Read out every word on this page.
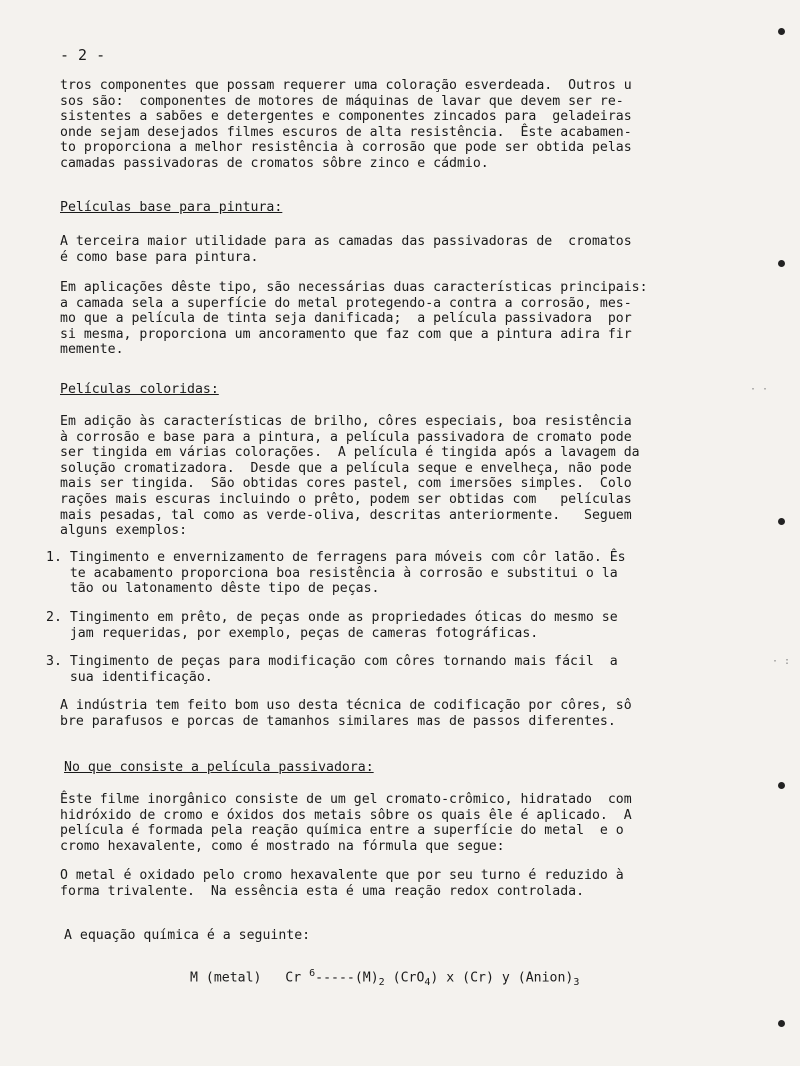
- 2 -
tros componentes que possam requerer uma coloração esverdeada.  Outros u
sos são:  componentes de motores de máquinas de lavar que devem ser re-
sistentes a sabões e detergentes e componentes zincados para  geladeiras
onde sejam desejados filmes escuros de alta resistência.  Êste acabamen-
to proporciona a melhor resistência à corrosão que pode ser obtida pelas
camadas passivadoras de cromatos sôbre zinco e cádmio.
Películas base para pintura:
A terceira maior utilidade para as camadas das passivadoras de  cromatos
é como base para pintura.
Em aplicações dêste tipo, são necessárias duas características principais:
a camada sela a superfície do metal protegendo-a contra a corrosão, mes-
mo que a película de tinta seja danificada;  a película passivadora  por
si mesma, proporciona um ancoramento que faz com que a pintura adira fir
memente.
Películas coloridas:
Em adição às características de brilho, côres especiais, boa resistência
à corrosão e base para a pintura, a película passivadora de cromato pode
ser tingida em várias colorações.  A película é tingida após a lavagem da
solução cromatizadora.  Desde que a película seque e envelheça, não pode
mais ser tingida.  São obtidas cores pastel, com imersões simples.  Colo
rações mais escuras incluindo o prêto, podem ser obtidas com   películas
mais pesadas, tal como as verde-oliva, descritas anteriormente.   Seguem
alguns exemplos:
1. Tingimento e envernizamento de ferragens para móveis com côr latão. Ês
te acabamento proporciona boa resistência à corrosão e substitui o la
tão ou latonamento dêste tipo de peças.
2. Tingimento em prêto, de peças onde as propriedades óticas do mesmo se
jam requeridas, por exemplo, peças de cameras fotográficas.
3. Tingimento de peças para modificação com côres tornando mais fácil  a
sua identificação.
A indústria tem feito bom uso desta técnica de codificação por côres, sô
bre parafusos e porcas de tamanhos similares mas de passos diferentes.
No que consiste a película passivadora:
Êste filme inorgânico consiste de um gel cromato-crômico, hidratado  com
hidróxido de cromo e óxidos dos metais sôbre os quais êle é aplicado.  A
película é formada pela reação química entre a superfície do metal  e o
cromo hexavalente, como é mostrado na fórmula que segue:
O metal é oxidado pelo cromo hexavalente que por seu turno é reduzido à
forma trivalente.  Na essência esta é uma reação redox controlada.
A equação química é a seguinte:
M (metal)   Cr $^6-----(M)_2$ (CrO$_4$) x (Cr) y $(Anion)_3$
· ·
· :
